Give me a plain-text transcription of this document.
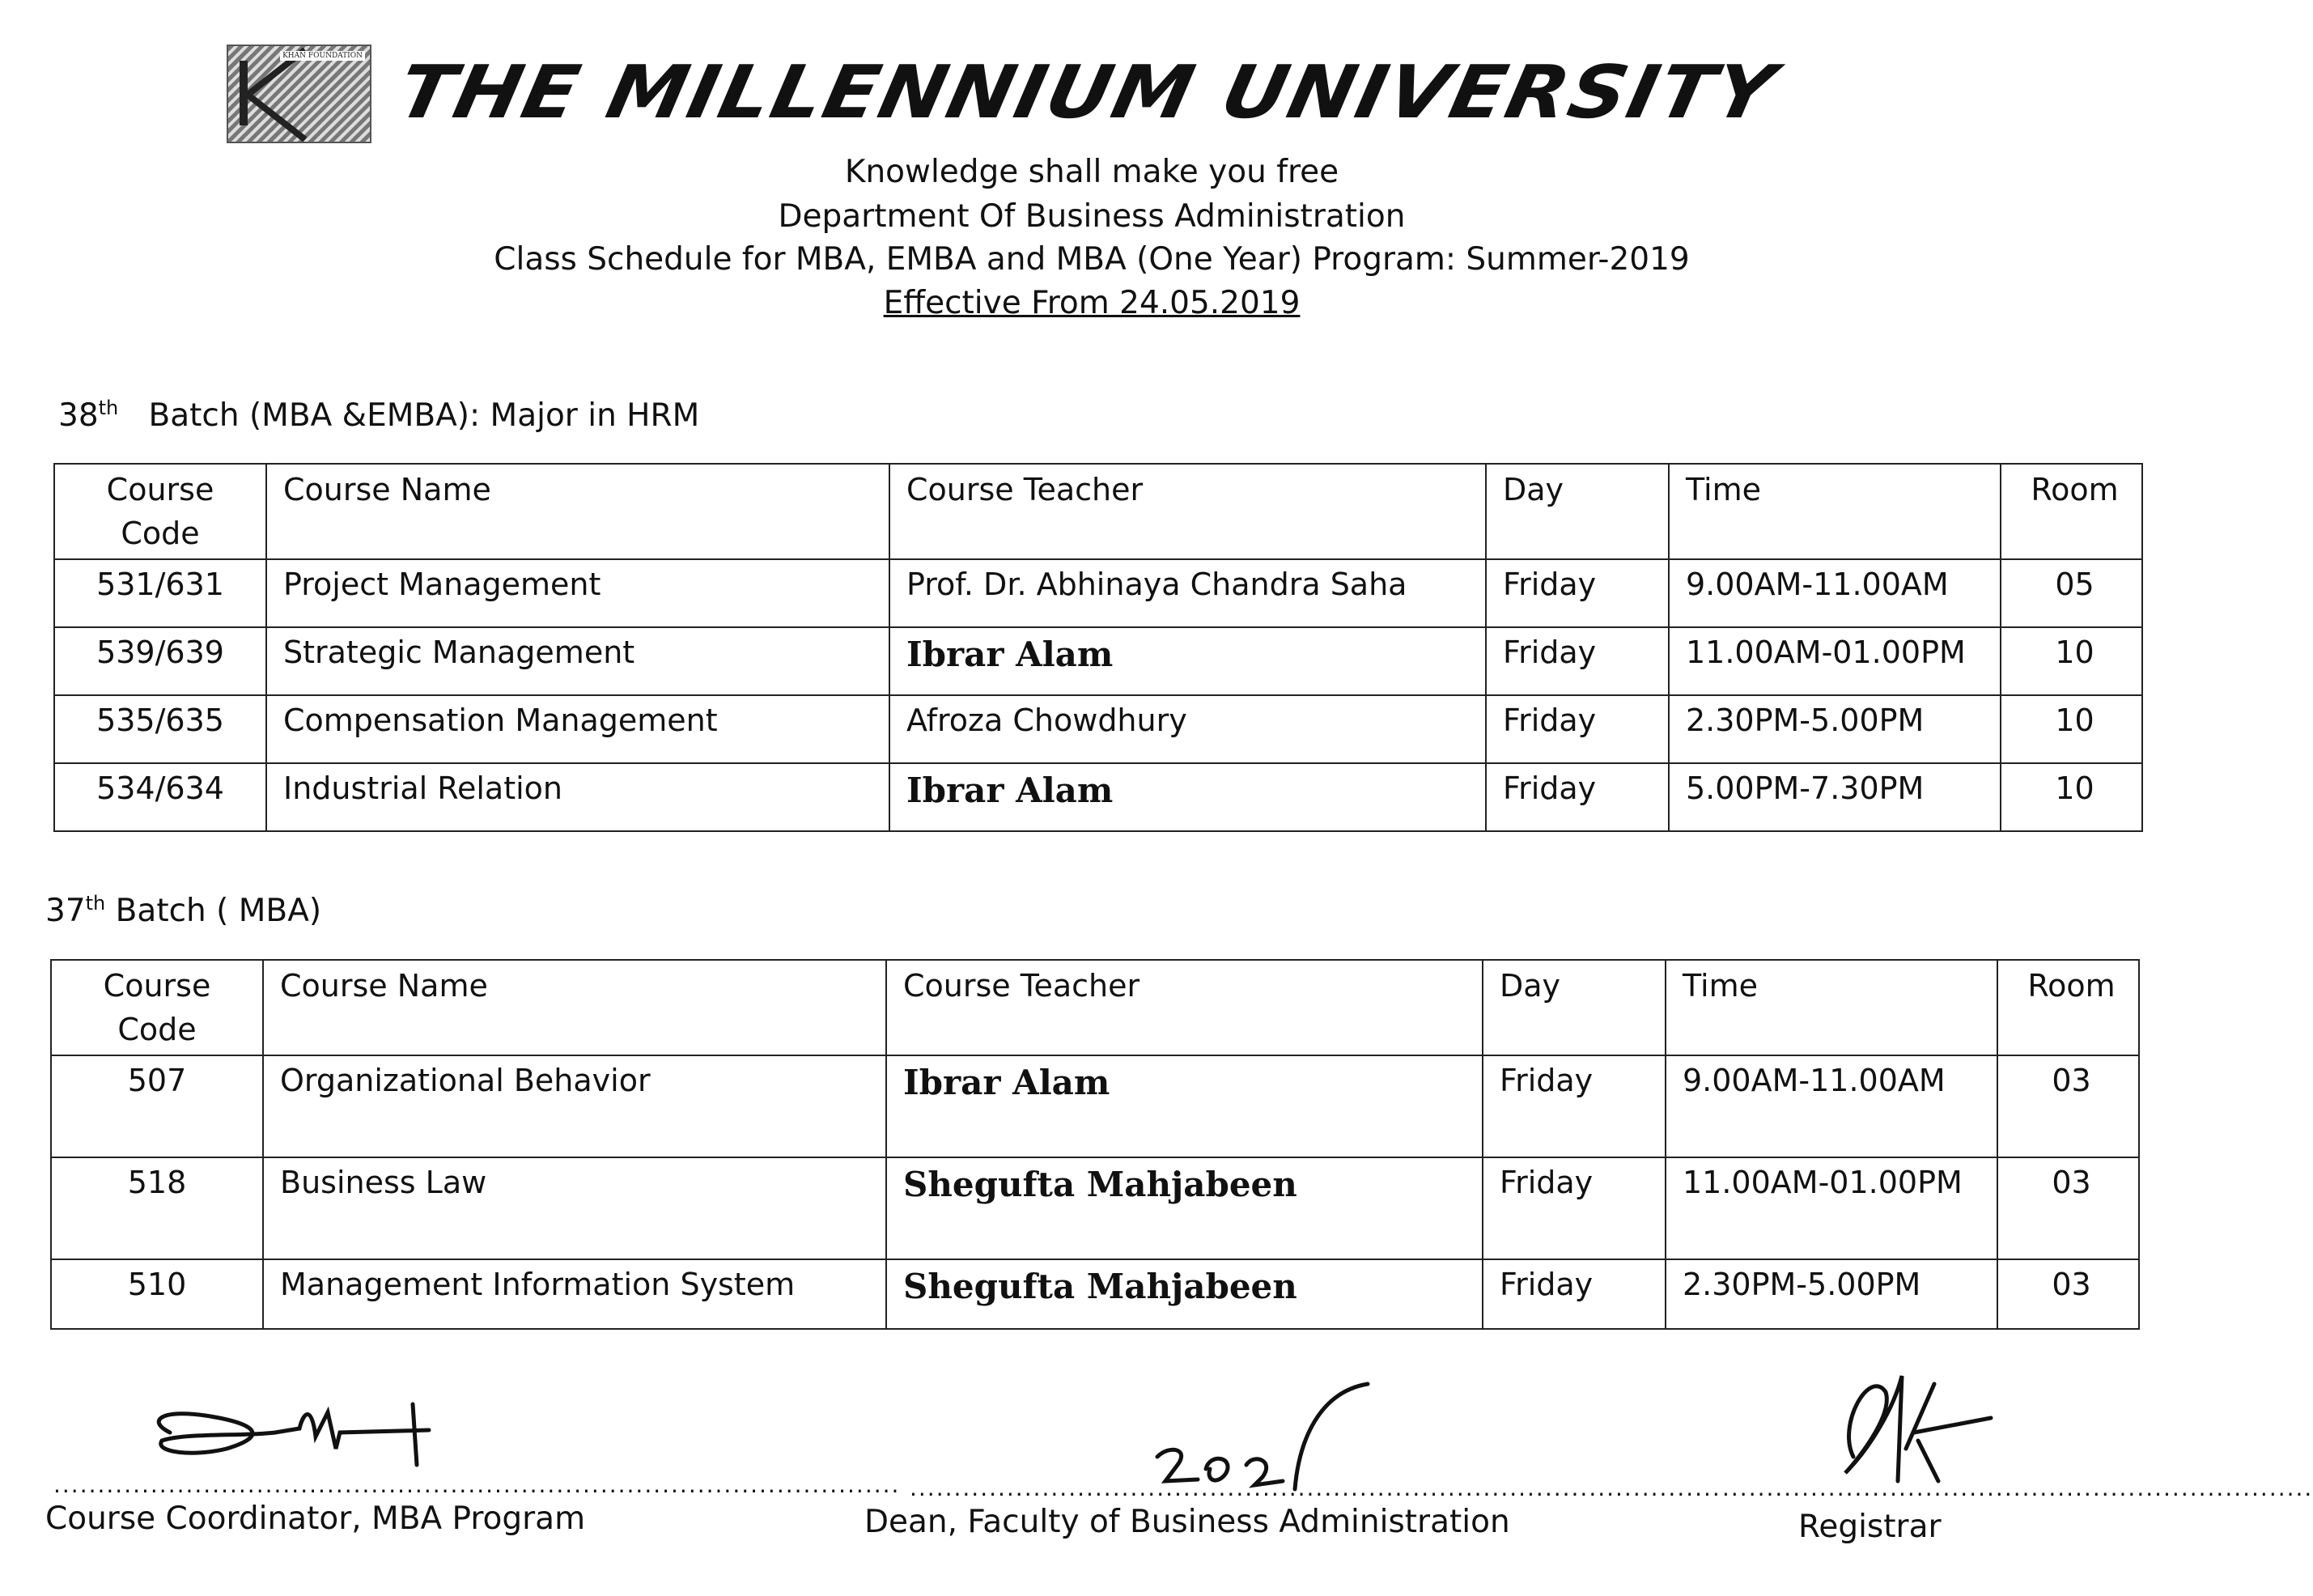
KHAN FOUNDATION THE MILLENNIUM UNIVERSITY
Knowledge shall make you free
Department Of Business Administration
Class Schedule for MBA, EMBA and MBA (One Year) Program: Summer-2019
Effective From 24.05.2019
38th Batch (MBA &EMBA): Major in HRM
Course
Code	Course Name	Course Teacher	Day	Time	Room
531/631	Project Management	Prof. Dr. Abhinaya Chandra Saha	Friday	9.00AM-11.00AM	05
539/639	Strategic Management	Ibrar Alam	Friday	11.00AM-01.00PM	10
535/635	Compensation Management	Afroza Chowdhury	Friday	2.30PM-5.00PM	10
534/634	Industrial Relation	Ibrar Alam	Friday	5.00PM-7.30PM	10
37th Batch ( MBA)
Course
Code	Course Name	Course Teacher	Day	Time	Room
507	Organizational Behavior	Ibrar Alam	Friday	9.00AM-11.00AM	03
518	Business Law	Shegufta Mahjabeen	Friday	11.00AM-01.00PM	03
510	Management Information System	Shegufta Mahjabeen	Friday	2.30PM-5.00PM	03
................................................................................................
Course Coordinator, MBA Program
............................................................................................
Dean, Faculty of Business Administration
...................................................................
Registrar
